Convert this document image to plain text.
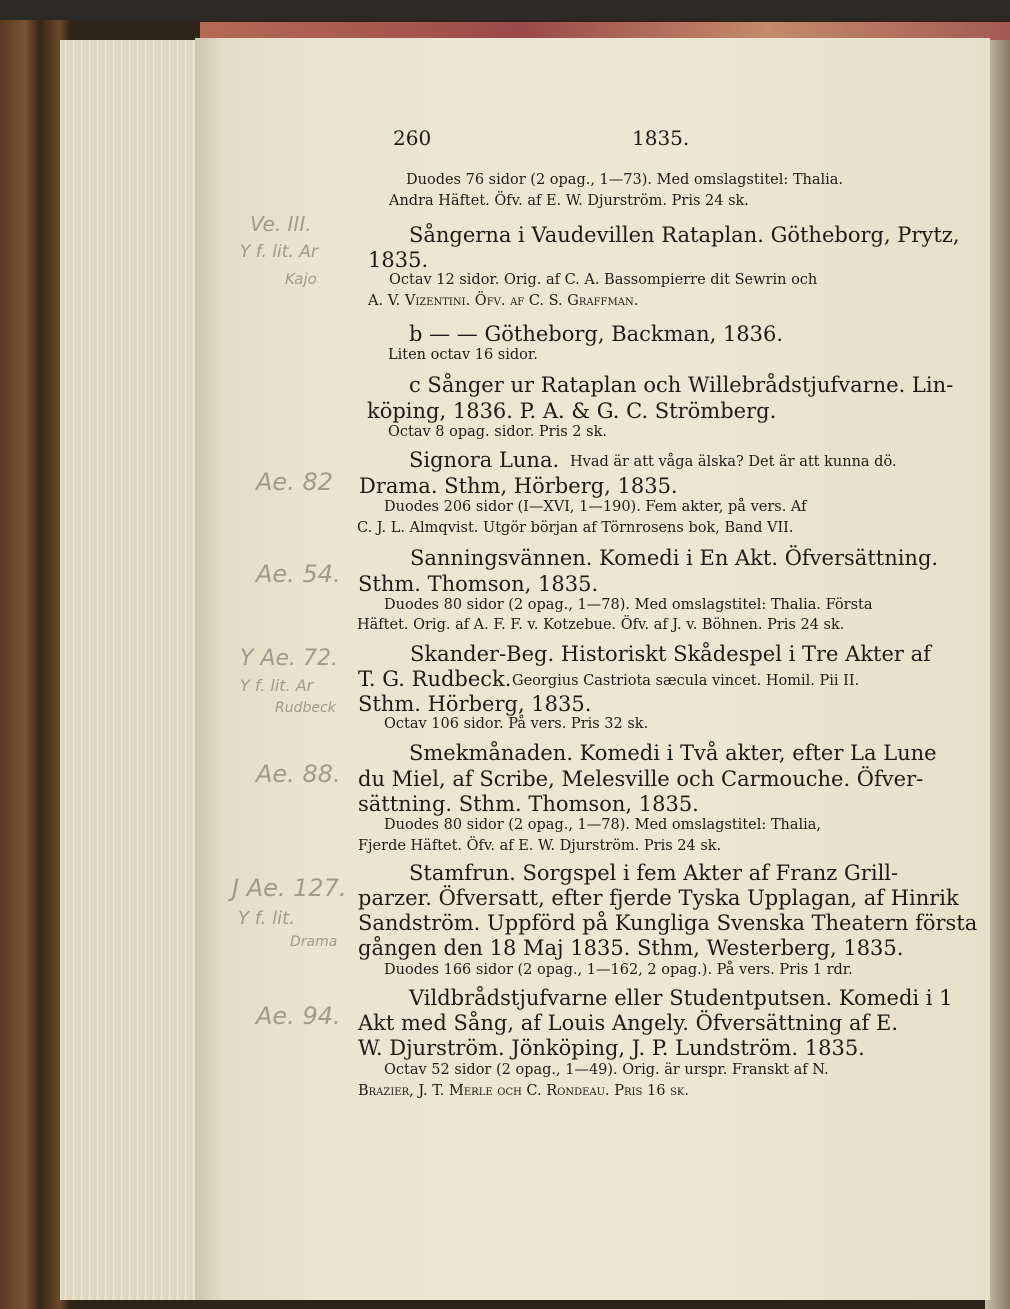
260	1835.
Duodes 76 sidor (2 opag., 1—73). Med omslagstitel: Thalia.
Andra Häftet. Öfv. af E. W. Djurström. Pris 24 sk.
Sångerna i Vaudevillen Rataplan. Götheborg, Prytz,
1835.
Octav 12 sidor. Orig. af C. A. Bassompierre dit Sewrin och
A. V. Vizentini. Öfv. af C. S. Graffman.
b — — Götheborg, Backman, 1836.
Liten octav 16 sidor.
c Sånger ur Rataplan och Willebrådstjufvarne. Lin-
köping, 1836. P. A. & G. C. Strömberg.
Octav 8 opag. sidor. Pris 2 sk.
Signora Luna. Hvad är att våga älska? Det är att kunna dö.
Drama. Sthm, Hörberg, 1835.
Duodes 206 sidor (I—XVI, 1—190). Fem akter, på vers. Af
C. J. L. Almqvist. Utgör början af Törnrosens bok, Band VII.
Sanningsvännen. Komedi i En Akt. Öfversättning.
Sthm. Thomson, 1835.
Duodes 80 sidor (2 opag., 1—78). Med omslagstitel: Thalia. Första
Häftet. Orig. af A. F. F. v. Kotzebue. Öfv. af J. v. Böhnen. Pris 24 sk.
Skander-Beg. Historiskt Skådespel i Tre Akter af
T. G. Rudbeck. Georgius Castriota sæcula vincet. Homil. Pii II.
Sthm. Hörberg, 1835.
Octav 106 sidor. På vers. Pris 32 sk.
Smekmånaden. Komedi i Två akter, efter La Lune
du Miel, af Scribe, Melesville och Carmouche. Öfver-
sättning. Sthm. Thomson, 1835.
Duodes 80 sidor (2 opag., 1—78). Med omslagstitel: Thalia,
Fjerde Häftet. Öfv. af E. W. Djurström. Pris 24 sk.
Stamfrun. Sorgspel i fem Akter af Franz Grill-
parzer. Öfversatt, efter fjerde Tyska Upplagan, af Hinrik
Sandström. Uppförd på Kungliga Svenska Theatern första
gången den 18 Maj 1835. Sthm, Westerberg, 1835.
Duodes 166 sidor (2 opag., 1—162, 2 opag.). På vers. Pris 1 rdr.
Vildbrådstjufvarne eller Studentputsen. Komedi i 1
Akt med Sång, af Louis Angely. Öfversättning af E.
W. Djurström. Jönköping, J. P. Lundström. 1835.
Octav 52 sidor (2 opag., 1—49). Orig. är urspr. Franskt af N.
Brazier, J. T. Merle och C. Rondeau. Pris 16 sk.
Ve. III.
Y f. lit. Ar
Kajo
Ae. 82
Ae. 54.
Y Ae. 72.
Y f. lit. Ar
Rudbeck
Ae. 88.
J Ae. 127.
Y f. lit.
Drama
Ae. 94.
